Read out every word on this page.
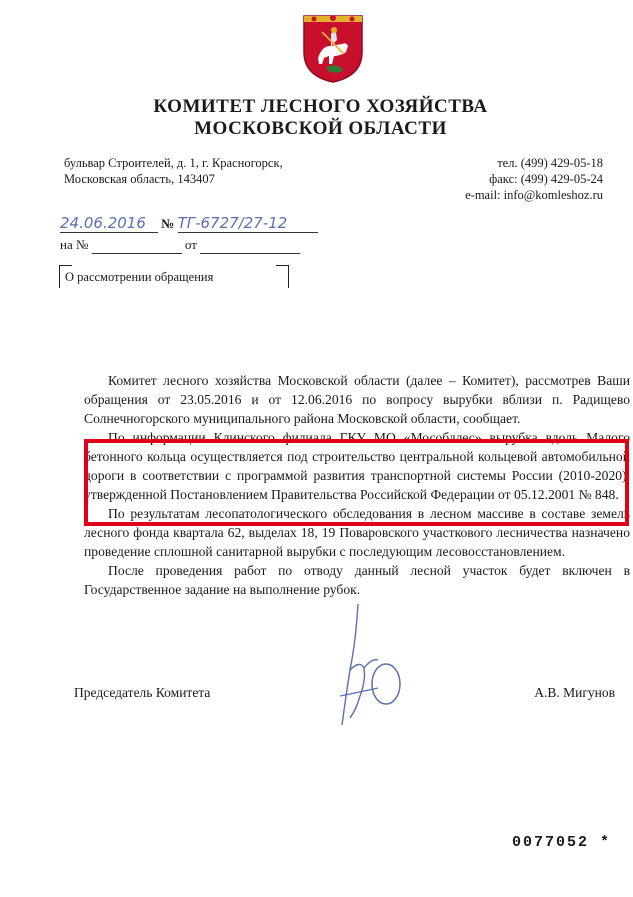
КОМИТЕТ ЛЕСНОГО ХОЗЯЙСТВА
МОСКОВСКОЙ ОБЛАСТИ
бульвар Строителей, д. 1, г. Красногорск,
Московская область, 143407
тел. (499) 429-05-18
факс: (499) 429-05-24
e-mail: info@komleshoz.ru
24.06.2016 № ТГ-6727/27-12
на №	от
О рассмотрении обращения

Комитет лесного хозяйства Московской области (далее – Комитет), рассмотрев Ваши обращения от 23.05.2016 и от 12.06.2016 по вопросу вырубки вблизи п. Радищево Солнечногорского муниципального района Московской области, сообщает.

По информации Клинского филиала ГКУ МО «Мособллес» вырубка вдоль Малого бетонного кольца осуществляется под строительство центральной кольцевой автомобильной дороги в соответствии с программой развития транспортной системы России (2010-2020), утвержденной Постановлением Правительства Российской Федерации от 05.12.2001 № 848.

По результатам лесопатологического обследования в лесном массиве в составе земель лесного фонда квартала 62, выделах 18, 19 Поваровского участкового лесничества назначено проведение сплошной санитарной вырубки с последующим лесовосстановлением.

После проведения работ по отводу данный лесной участок будет включен в Государственное задание на выполнение рубок.

Председатель Комитета	А.В. Мигунов
0077052 *
